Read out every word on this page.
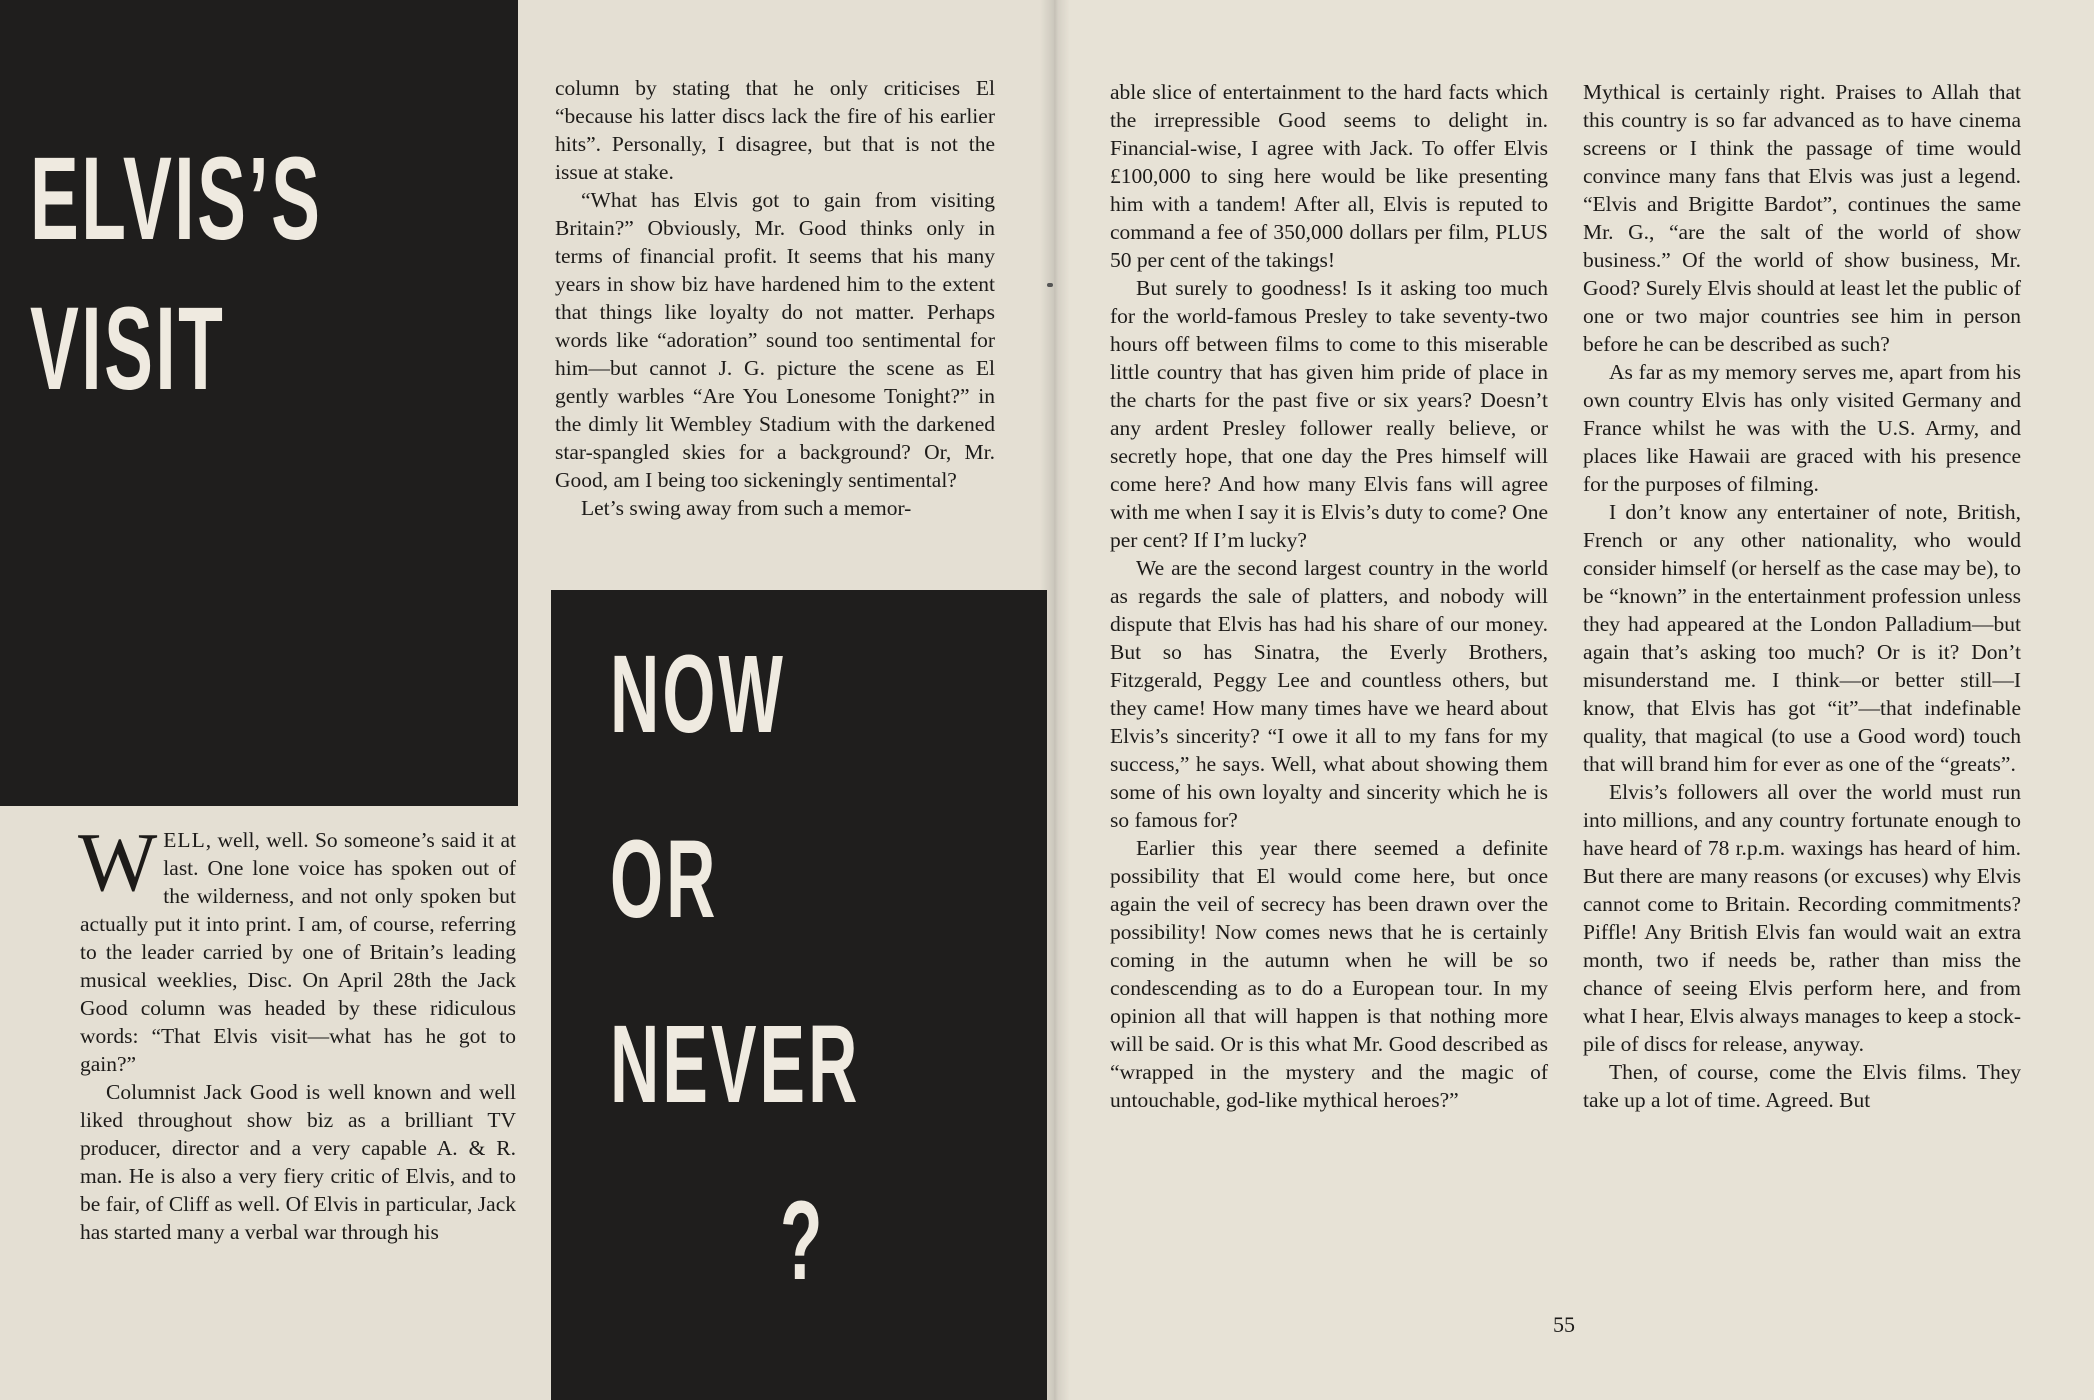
ELVIS’S
VISIT
NOW
OR
NEVER
?

WELL, well, well. So someone’s said it at last. One lone voice has spoken out of the wilderness, and not only spoken but actually put it into print. I am, of course, referring to the leader carried by one of Britain’s leading musical weeklies, Disc. On April 28th the Jack Good column was headed by these ridiculous words: “That Elvis visit—what has he got to gain?”

Columnist Jack Good is well known and well liked throughout show biz as a brilliant TV producer, director and a very capable A. & R. man. He is also a very fiery critic of Elvis, and to be fair, of Cliff as well. Of Elvis in particular, Jack has started many a verbal war through his

column by stating that he only criticises El “because his latter discs lack the fire of his earlier hits”. Personally, I disagree, but that is not the issue at stake.

“What has Elvis got to gain from visiting Britain?” Obviously, Mr. Good thinks only in terms of financial profit. It seems that his many years in show biz have hardened him to the extent that things like loyalty do not matter. Perhaps words like “adoration” sound too sentimental for him—but cannot J. G. picture the scene as El gently warbles “Are You Lonesome Tonight?” in the dimly lit Wembley Stadium with the darkened star-spangled skies for a background? Or, Mr. Good, am I being too sickeningly sentimental?

Let’s swing away from such a memor-

able slice of entertainment to the hard facts which the irrepressible Good seems to delight in. Financial-wise, I agree with Jack. To offer Elvis £100,000 to sing here would be like presenting him with a tandem! After all, Elvis is reputed to command a fee of 350,000 dollars per film, PLUS 50 per cent of the takings!

But surely to goodness! Is it asking too much for the world-famous Presley to take seventy-two hours off between films to come to this miserable little country that has given him pride of place in the charts for the past five or six years? Doesn’t any ardent Presley follower really believe, or secretly hope, that one day the Pres himself will come here? And how many Elvis fans will agree with me when I say it is Elvis’s duty to come? One per cent? If I’m lucky?

We are the second largest country in the world as regards the sale of platters, and nobody will dispute that Elvis has had his share of our money. But so has Sinatra, the Everly Brothers, Fitzgerald, Peggy Lee and countless others, but they came! How many times have we heard about Elvis’s sincerity? “I owe it all to my fans for my success,” he says. Well, what about showing them some of his own loyalty and sincerity which he is so famous for?

Earlier this year there seemed a definite possibility that El would come here, but once again the veil of secrecy has been drawn over the possibility! Now comes news that he is certainly coming in the autumn when he will be so condescending as to do a European tour. In my opinion all that will happen is that nothing more will be said. Or is this what Mr. Good described as “wrapped in the mystery and the magic of untouchable, god-like mythical heroes?”

Mythical is certainly right. Praises to Allah that this country is so far advanced as to have cinema screens or I think the passage of time would convince many fans that Elvis was just a legend. “Elvis and Brigitte Bardot”, continues the same Mr. G., “are the salt of the world of show business.” Of the world of show business, Mr. Good? Surely Elvis should at least let the public of one or two major countries see him in person before he can be described as such?

As far as my memory serves me, apart from his own country Elvis has only visited Germany and France whilst he was with the U.S. Army, and places like Hawaii are graced with his presence for the purposes of filming.

I don’t know any entertainer of note, British, French or any other nationality, who would consider himself (or herself as the case may be), to be “known” in the entertainment profession unless they had appeared at the London Palladium—but again that’s asking too much? Or is it? Don’t misunderstand me. I think—or better still—I know, that Elvis has got “it”—that indefinable quality, that magical (to use a Good word) touch that will brand him for ever as one of the “greats”.

Elvis’s followers all over the world must run into millions, and any country fortunate enough to have heard of 78 r.p.m. waxings has heard of him. But there are many reasons (or excuses) why Elvis cannot come to Britain. Recording commitments? Piffle! Any British Elvis fan would wait an extra month, two if needs be, rather than miss the chance of seeing Elvis perform here, and from what I hear, Elvis always manages to keep a stock-pile of discs for release, anyway.

Then, of course, come the Elvis films. They take up a lot of time. Agreed. But

55
